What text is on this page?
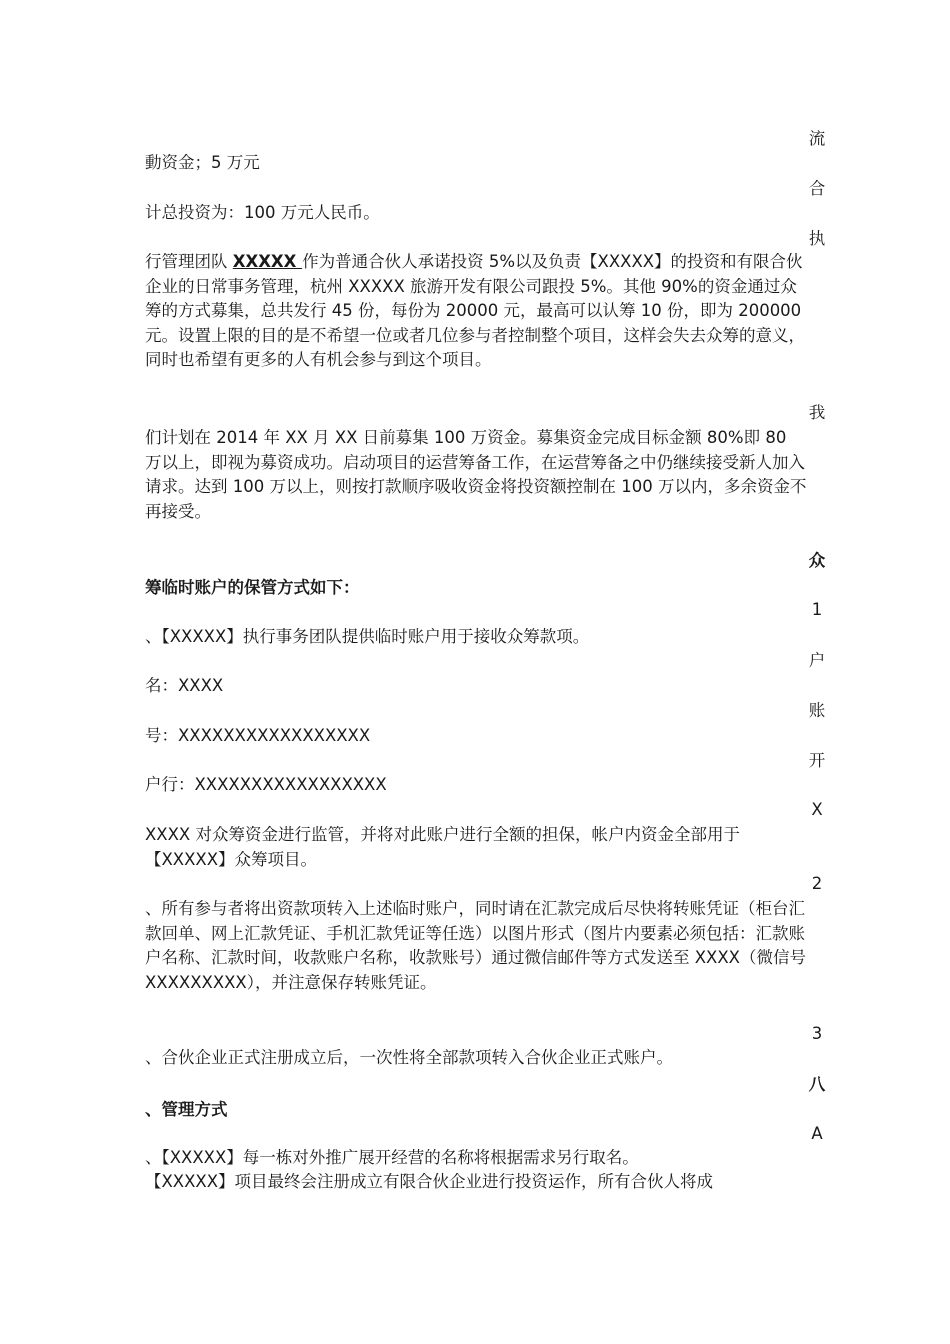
動资金；5 万元

计总投资为：100 万元人民币。

行管理团队 XXXXX 作为普通合伙人承诺投资 5%以及负责【XXXXX】的投资和有限合伙企业的日常事务管理，杭州 XXXXX 旅游开发有限公司跟投 5%。其他 90%的资金通过众筹的方式募集，总共发行 45 份，每份为 20000 元，最高可以认筹 10 份，即为 200000 元。设置上限的目的是不希望一位或者几位参与者控制整个项目，这样会失去众筹的意义，同时也希望有更多的人有机会参与到这个项目。

们计划在 2014 年 XX 月 XX 日前募集 100 万资金。募集资金完成目标金额 80%即 80 万以上，即视为募资成功。启动项目的运营筹备工作，在运营筹备之中仍继续接受新人加入请求。达到 100 万以上，则按打款顺序吸收资金将投资额控制在 100 万以内，多余资金不再接受。

筹临时账户的保管方式如下：

、【XXXXX】执行事务团队提供临时账户用于接收众筹款项。

名：XXXX

号：XXXXXXXXXXXXXXXXX

户行：XXXXXXXXXXXXXXXXX

XXXX 对众筹资金进行监管，并将对此账户进行全额的担保，帐户内资金全部用于【XXXXX】众筹项目。

、所有参与者将出资款项转入上述临时账户，同时请在汇款完成后尽快将转账凭证（柜台汇款回单、网上汇款凭证、手机汇款凭证等任选）以图片形式（图片内要素必须包括：汇款账户名称、汇款时间，收款账户名称，收款账号）通过微信邮件等方式发送至 XXXX（微信号 XXXXXXXXX），并注意保存转账凭证。

、合伙企业正式注册成立后，一次性将全部款项转入合伙企业正式账户。

、管理方式

、【XXXXX】每一栋对外推广展开经营的名称将根据需求另行取名。

【XXXXX】项目最终会注册成立有限合伙企业进行投资运作，所有合伙人将成

流
合
执
我
众
1
户
账
开
X
2
3
八
A
